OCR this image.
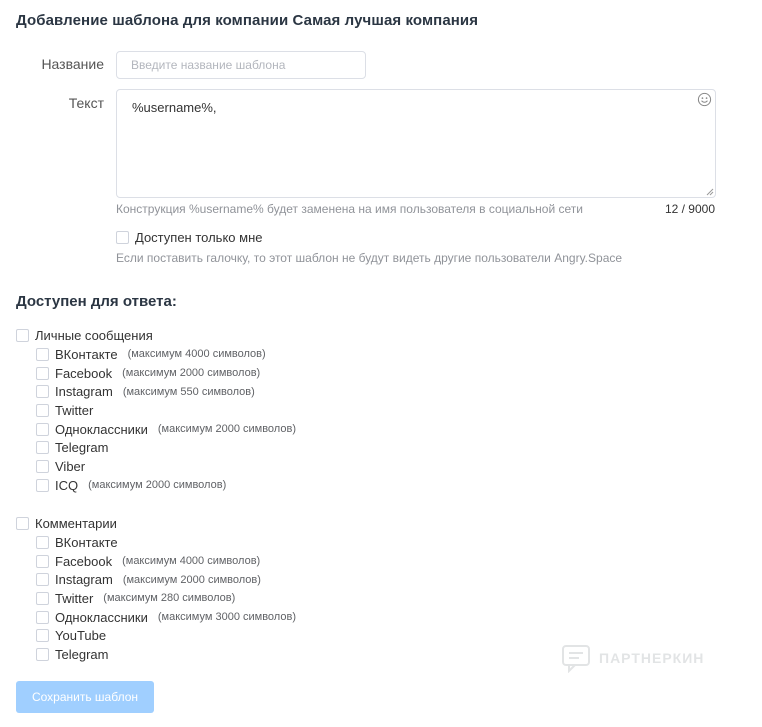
Добавление шаблона для компании Самая лучшая компания
Название
Введите название шаблона
Текст
%username%,
Конструкция %username% будет заменена на имя пользователя в социальной сети	12 / 9000
Доступен только мне
Если поставить галочку, то этот шаблон не будут видеть другие пользователи Angry.Space
Доступен для ответа:
Личные сообщения
ВКонтакте (максимум 4000 символов)
Facebook (максимум 2000 символов)
Instagram (максимум 550 символов)
Twitter
Одноклассники (максимум 2000 символов)
Telegram
Viber
ICQ (максимум 2000 символов)
Комментарии
ВКонтакте
Facebook (максимум 4000 символов)
Instagram (максимум 2000 символов)
Twitter (максимум 280 символов)
Одноклассники (максимум 3000 символов)
YouTube
Telegram
Сохранить шаблон
ПАРТНЕРКИН
